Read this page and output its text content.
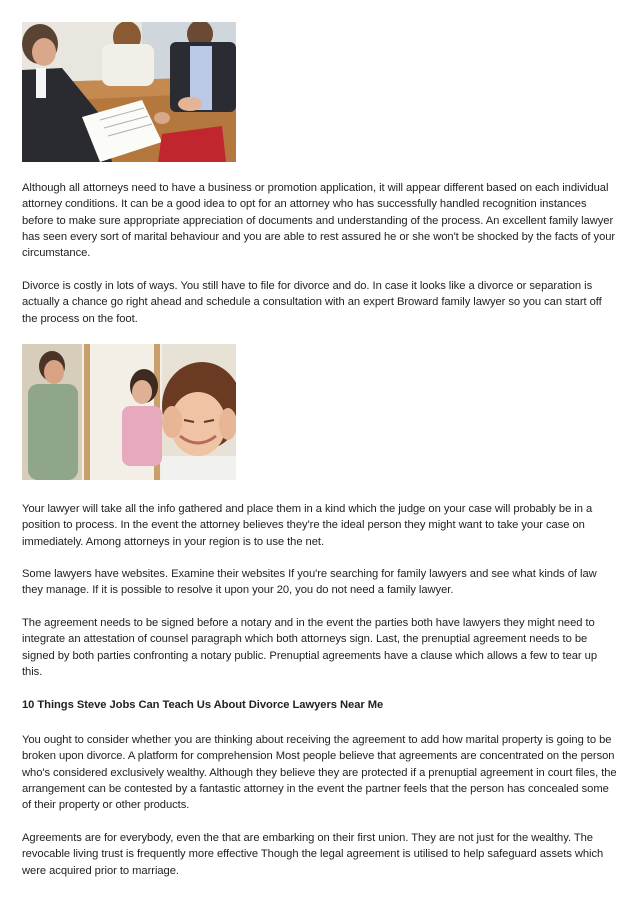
Although all attorneys need to have a business or promotion application, it will appear different based on each individual attorney conditions. It can be a good idea to opt for an attorney who has successfully handled recognition instances before to make sure appropriate appreciation of documents and understanding of the process. An excellent family lawyer has seen every sort of marital behaviour and you are able to rest assured he or she won't be shocked by the facts of your circumstance.

Divorce is costly in lots of ways. You still have to file for divorce and do. In case it looks like a divorce or separation is actually a chance go right ahead and schedule a consultation with an expert Broward family lawyer so you can start off the process on the foot.

Your lawyer will take all the info gathered and place them in a kind which the judge on your case will probably be in a position to process. In the event the attorney believes they're the ideal person they might want to take your case on immediately. Among attorneys in your region is to use the net.

Some lawyers have websites. Examine their websites If you're searching for family lawyers and see what kinds of law they manage. If it is possible to resolve it upon your 20, you do not need a family lawyer.

The agreement needs to be signed before a notary and in the event the parties both have lawyers they might need to integrate an attestation of counsel paragraph which both attorneys sign. Last, the prenuptial agreement needs to be signed by both parties confronting a notary public. Prenuptial agreements have a clause which allows a few to tear up this.

10 Things Steve Jobs Can Teach Us About Divorce Lawyers Near Me

You ought to consider whether you are thinking about receiving the agreement to add how marital property is going to be broken upon divorce. A platform for comprehension Most people believe that agreements are concentrated on the person who's considered exclusively wealthy. Although they believe they are protected if a prenuptial agreement in court files, the arrangement can be contested by a fantastic attorney in the event the partner feels that the person has concealed some of their property or other products.

Agreements are for everybody, even the that are embarking on their first union. They are not just for the wealthy. The revocable living trust is frequently more effective Though the legal agreement is utilised to help safeguard assets which were acquired prior to marriage.
